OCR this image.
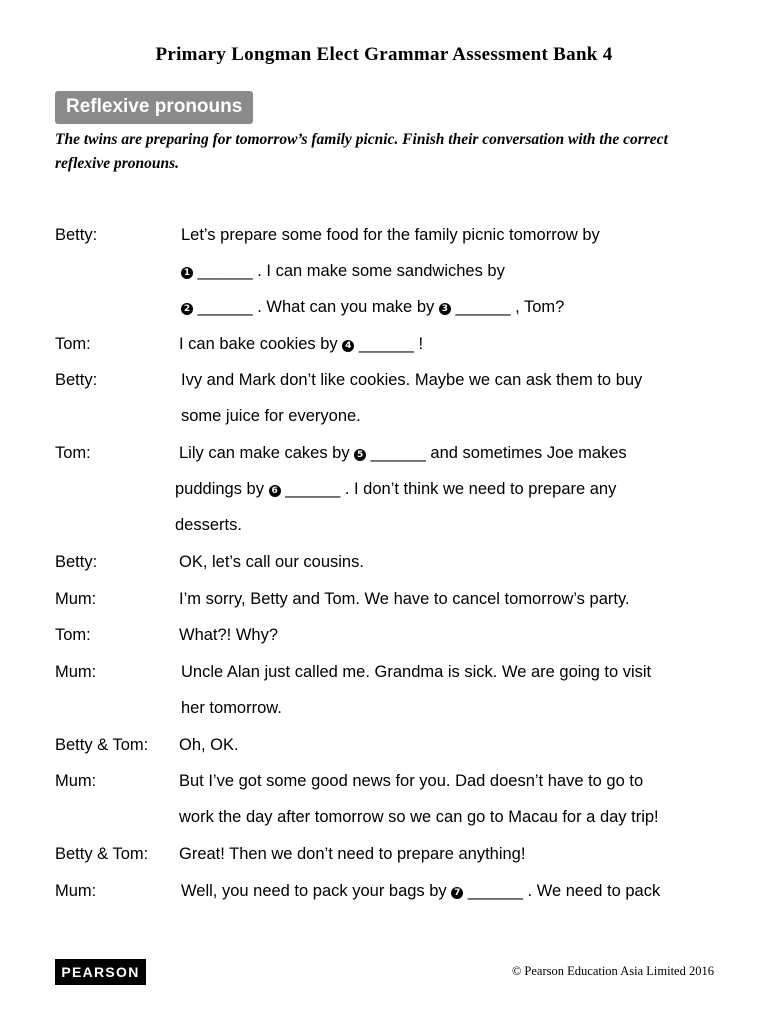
Primary Longman Elect Grammar Assessment Bank 4
Reflexive pronouns
The twins are preparing for tomorrow’s family picnic. Finish their conversation with the correct reflexive pronouns.
Betty:	Let’s prepare some food for the family picnic tomorrow by
1 ______ . I can make some sandwiches by
2 ______ . What can you make by 3 ______ , Tom?
Tom:	I can bake cookies by 4 ______ !
Betty:	Ivy and Mark don’t like cookies. Maybe we can ask them to buy
some juice for everyone.
Tom:	Lily can make cakes by 5 ______ and sometimes Joe makes
puddings by 6 ______ . I don’t think we need to prepare any
desserts.
Betty:	OK, let’s call our cousins.
Mum:	I’m sorry, Betty and Tom. We have to cancel tomorrow’s party.
Tom:	What?! Why?
Mum:	Uncle Alan just called me. Grandma is sick. We are going to visit
her tomorrow.
Betty & Tom: Oh, OK.
Mum:	But I’ve got some good news for you. Dad doesn’t have to go to
work the day after tomorrow so we can go to Macau for a day trip!
Betty & Tom: Great! Then we don’t need to prepare anything!
Mum:	Well, you need to pack your bags by 7 ______ . We need to pack
PEARSON	© Pearson Education Asia Limited 2016
